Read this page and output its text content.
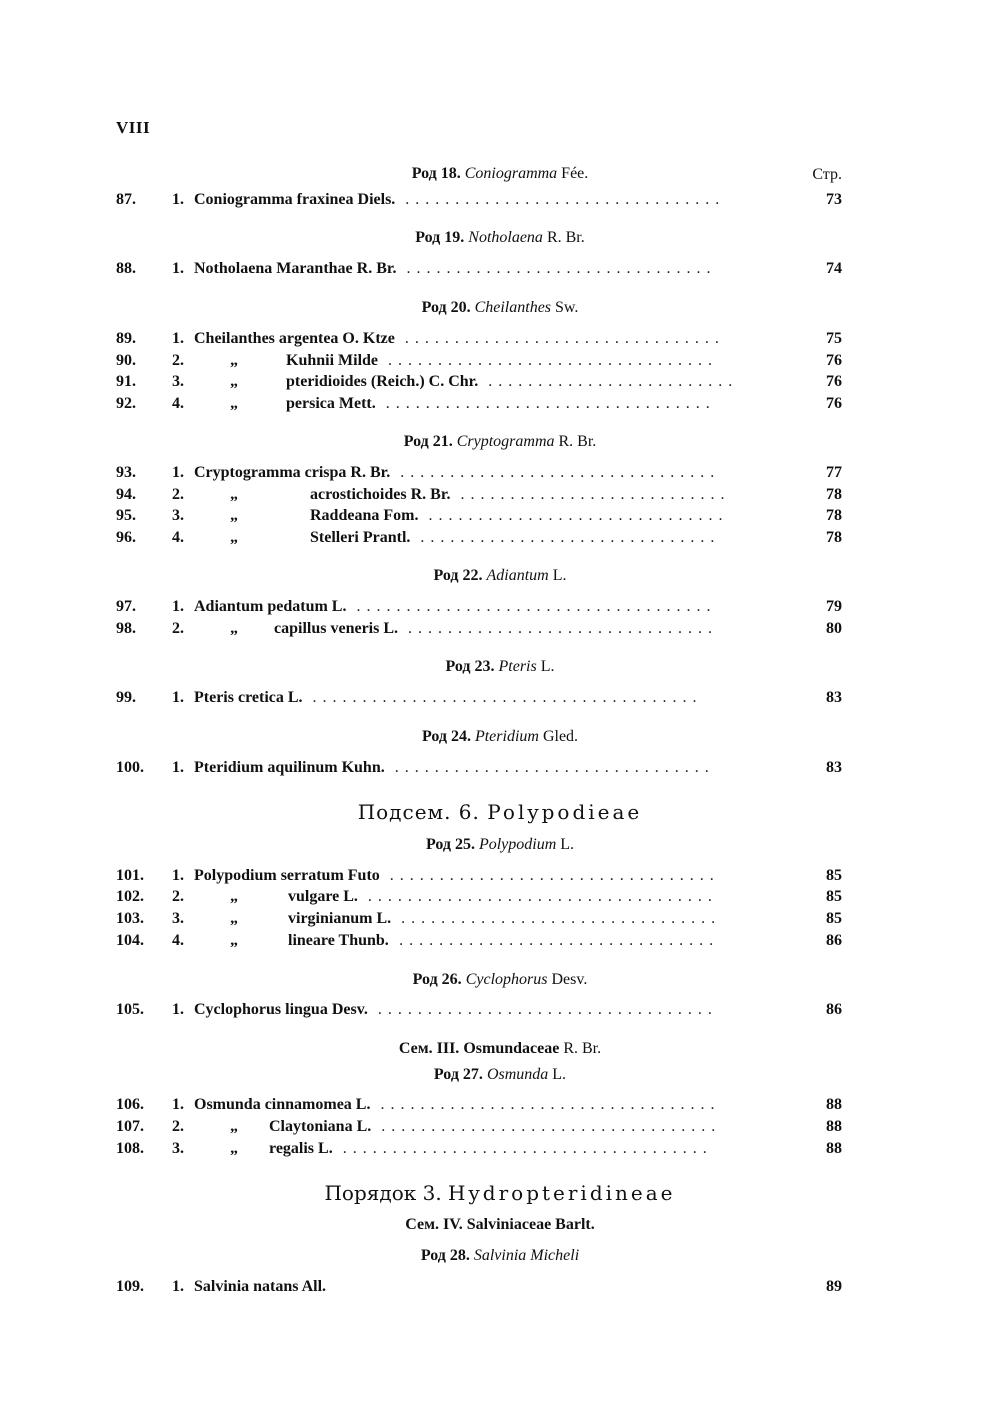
VIII
Стр.
Род 18. Coniogramma Fée.
87. 1. Coniogramma fraxinea Diels. ................................	73
Род 19. Notholaena R. Br.
88. 1. Notholaena Maranthae R. Br. ...............................	74
Род 20. Cheilanthes Sw.
89. 1. Cheilanthes argentea O. Ktze ................................	75
90. 2.	„	Kuhnii Milde .................................	76
91. 3.	„	pteridioides (Reich.) C. Chr. .........................	76
92. 4.	„	persica Mett. .................................	76
Род 21. Cryptogramma R. Br.
93. 1. Cryptogramma crispa R. Br. ................................	77
94. 2.	„	acrostichoides R. Br. ...........................	78
95. 3.	„	Raddeana Fom. ..............................	78
96. 4.	„	Stelleri Prantl. ..............................	78
Род 22. Adiantum L.
97. 1. Adiantum pedatum L. ....................................	79
98. 2.	„ capillus veneris L. ...............................	80
Род 23. Pteris L.
99. 1. Pteris cretica L. .......................................	83
Род 24. Pteridium Gled.
100. 1. Pteridium aquilinum Kuhn. ................................	83
Подсем. 6. Polypodieae
Род 25. Polypodium L.
101. 1. Polypodium serratum Futo .................................	85
102. 2.	„	vulgare L. ...................................	85
103. 3.	„	virginianum L. ................................	85
104. 4.	„	lineare Thunb. ................................	86
Род 26. Cyclophorus Desv.
105. 1. Cyclophorus lingua Desv. ..................................	86
Сем. III. Osmundaceae R. Br.
Род 27. Osmunda L.
106. 1. Osmunda cinnamomea L. ..................................	88
107. 2.	„ Claytoniana L. ..................................	88
108. 3.	„ regalis L. .....................................	88
Порядок 3. Hydropteridineae
Сем. IV. Salviniaceae Barlt.
Род 28. Salvinia Micheli
109. 1. Salvinia natans All.	89
